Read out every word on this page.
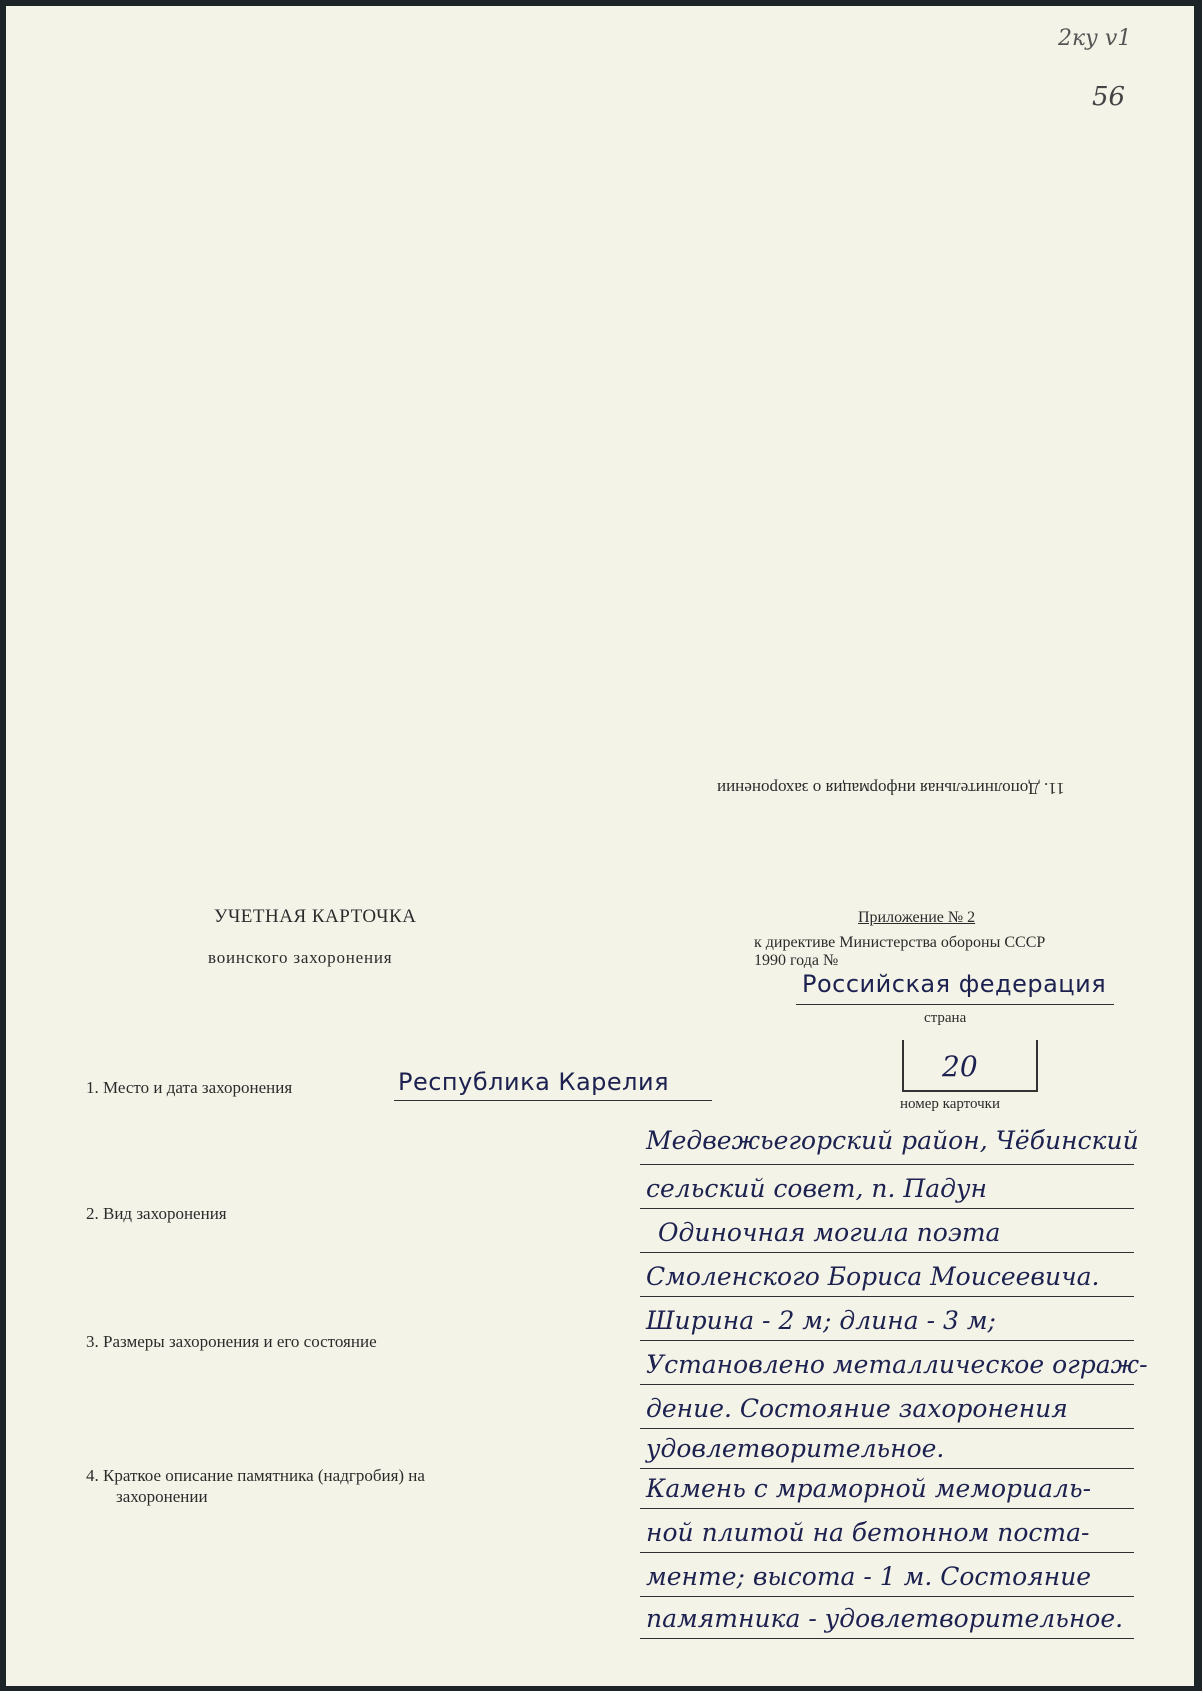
2ку v1
56
11. Дополнительная информация о захоронении
УЧЕТНАЯ КАРТОЧКА
воинского захоронения
Приложение № 2
к директиве Министерства обороны СССР
1990 года №
Российская федерация
страна
20
номер карточки
1. Место и дата захоронения	Республика Карелия
2. Вид захоронения
3. Размеры захоронения и его состояние
4. Краткое описание памятника (надгробия) на
захоронении
Медвежьегорский район, Чёбинский
сельский совет, п. Падун
Одиночная могила поэта
Смоленского Бориса Моисеевича.
Ширина - 2 м; длина - 3 м;
Установлено металлическое ограж-
дение. Состояние захоронения
удовлетворительное.
Камень с мраморной мемориаль-
ной плитой на бетонном поста-
менте; высота - 1 м. Состояние
памятника - удовлетворительное.
